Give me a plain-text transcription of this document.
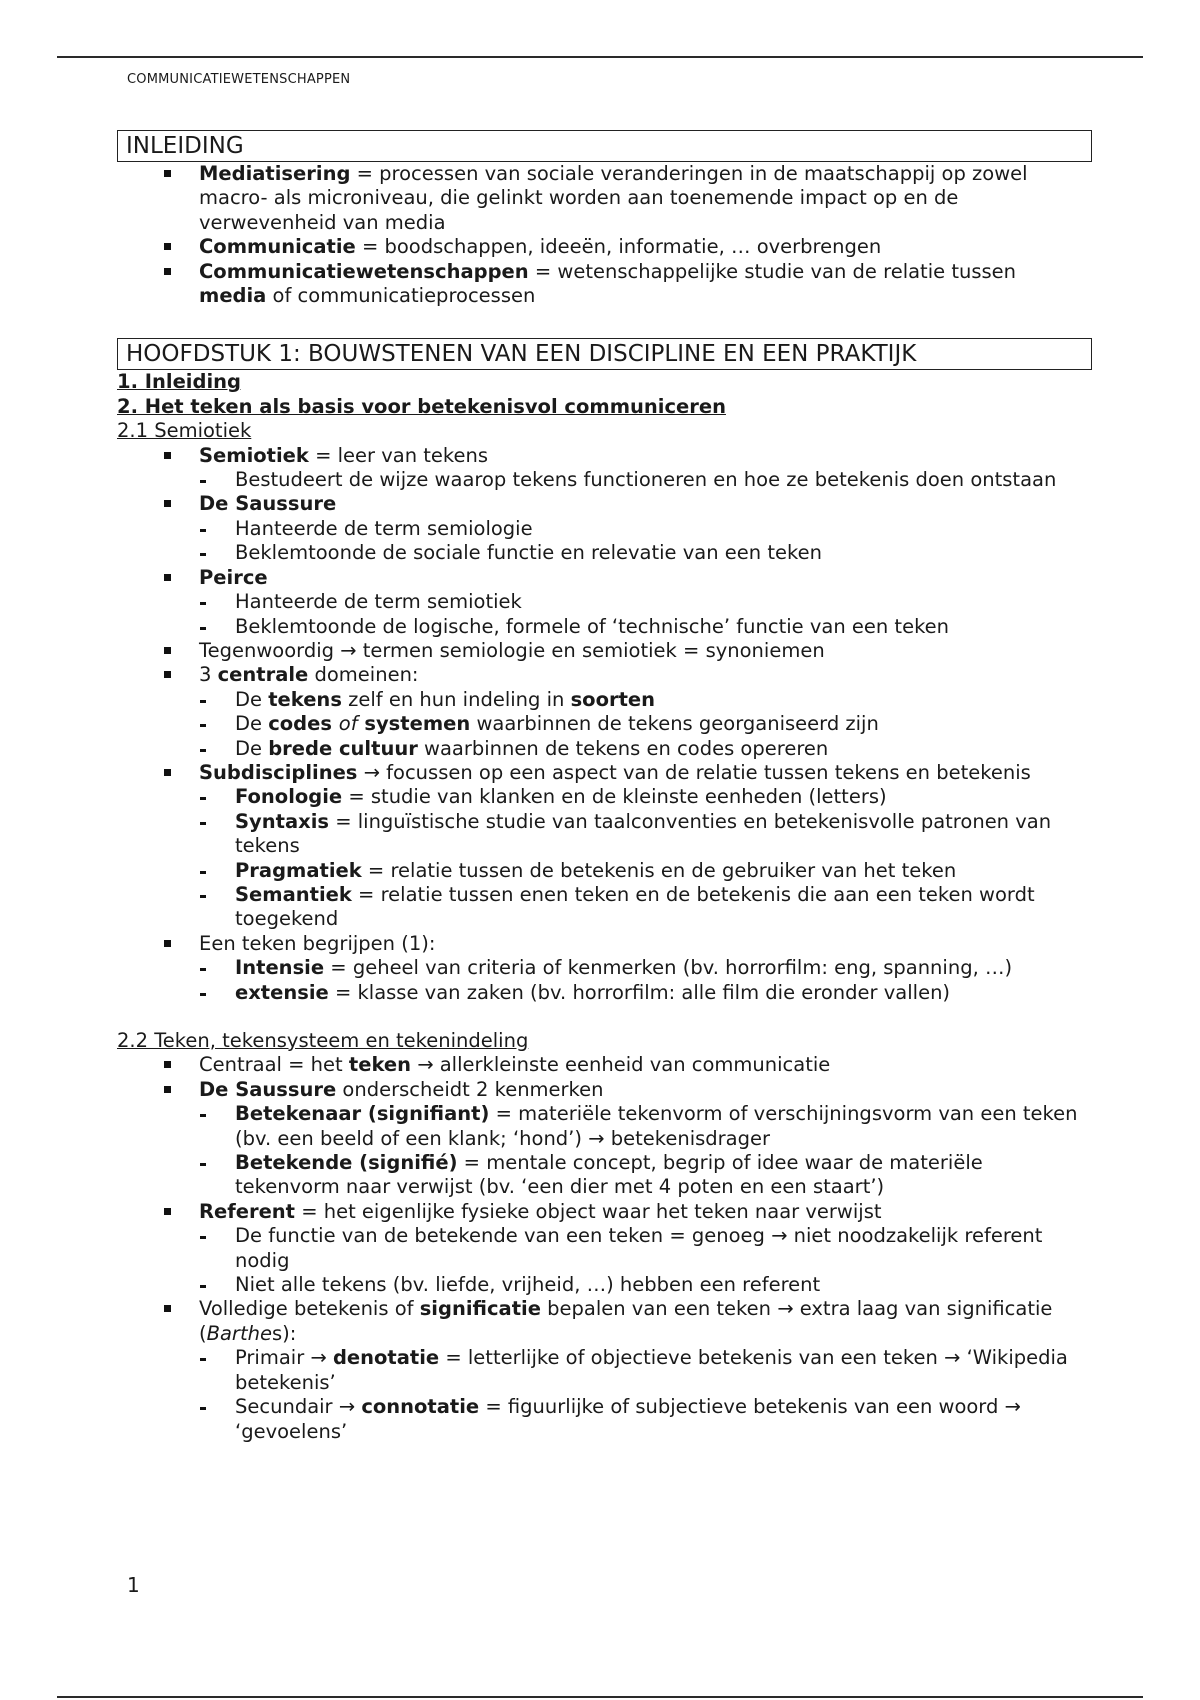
COMMUNICATIEWETENSCHAPPEN
INLEIDING
Mediatisering = processen van sociale veranderingen in de maatschappij op zowel macro- als microniveau, die gelinkt worden aan toenemende impact op en de verwevenheid van media
Communicatie = boodschappen, ideeën, informatie, … overbrengen
Communicatiewetenschappen = wetenschappelijke studie van de relatie tussen media of communicatieprocessen
HOOFDSTUK 1: BOUWSTENEN VAN EEN DISCIPLINE EN EEN PRAKTIJK
1. Inleiding
2. Het teken als basis voor betekenisvol communiceren
2.1 Semiotiek
Semiotiek = leer van tekens
Bestudeert de wijze waarop tekens functioneren en hoe ze betekenis doen ontstaan
De Saussure
Hanteerde de term semiologie
Beklemtoonde de sociale functie en relevatie van een teken
Peirce
Hanteerde de term semiotiek
Beklemtoonde de logische, formele of ‘technische’ functie van een teken
Tegenwoordig → termen semiologie en semiotiek = synoniemen
3 centrale domeinen:
De tekens zelf en hun indeling in soorten
De codes of systemen waarbinnen de tekens georganiseerd zijn
De brede cultuur waarbinnen de tekens en codes opereren
Subdisciplines → focussen op een aspect van de relatie tussen tekens en betekenis
Fonologie = studie van klanken en de kleinste eenheden (letters)
Syntaxis = linguïstische studie van taalconventies en betekenisvolle patronen van tekens
Pragmatiek = relatie tussen de betekenis en de gebruiker van het teken
Semantiek = relatie tussen enen teken en de betekenis die aan een teken wordt toegekend
Een teken begrijpen (1):
Intensie = geheel van criteria of kenmerken (bv. horrorfilm: eng, spanning, …)
extensie = klasse van zaken (bv. horrorfilm: alle film die eronder vallen)
2.2 Teken, tekensysteem en tekenindeling
Centraal = het teken → allerkleinste eenheid van communicatie
De Saussure onderscheidt 2 kenmerken
Betekenaar (signifiant) = materiële tekenvorm of verschijningsvorm van een teken (bv. een beeld of een klank; ‘hond’) → betekenisdrager
Betekende (signifié) = mentale concept, begrip of idee waar de materiële tekenvorm naar verwijst (bv. ‘een dier met 4 poten en een staart’)
Referent = het eigenlijke fysieke object waar het teken naar verwijst
De functie van de betekende van een teken = genoeg → niet noodzakelijk referent nodig
Niet alle tekens (bv. liefde, vrijheid, …) hebben een referent
Volledige betekenis of significatie bepalen van een teken → extra laag van significatie (Barthes):
Primair → denotatie = letterlijke of objectieve betekenis van een teken → ‘Wikipedia betekenis’
Secundair → connotatie = figuurlijke of subjectieve betekenis van een woord → ‘gevoelens’
1
